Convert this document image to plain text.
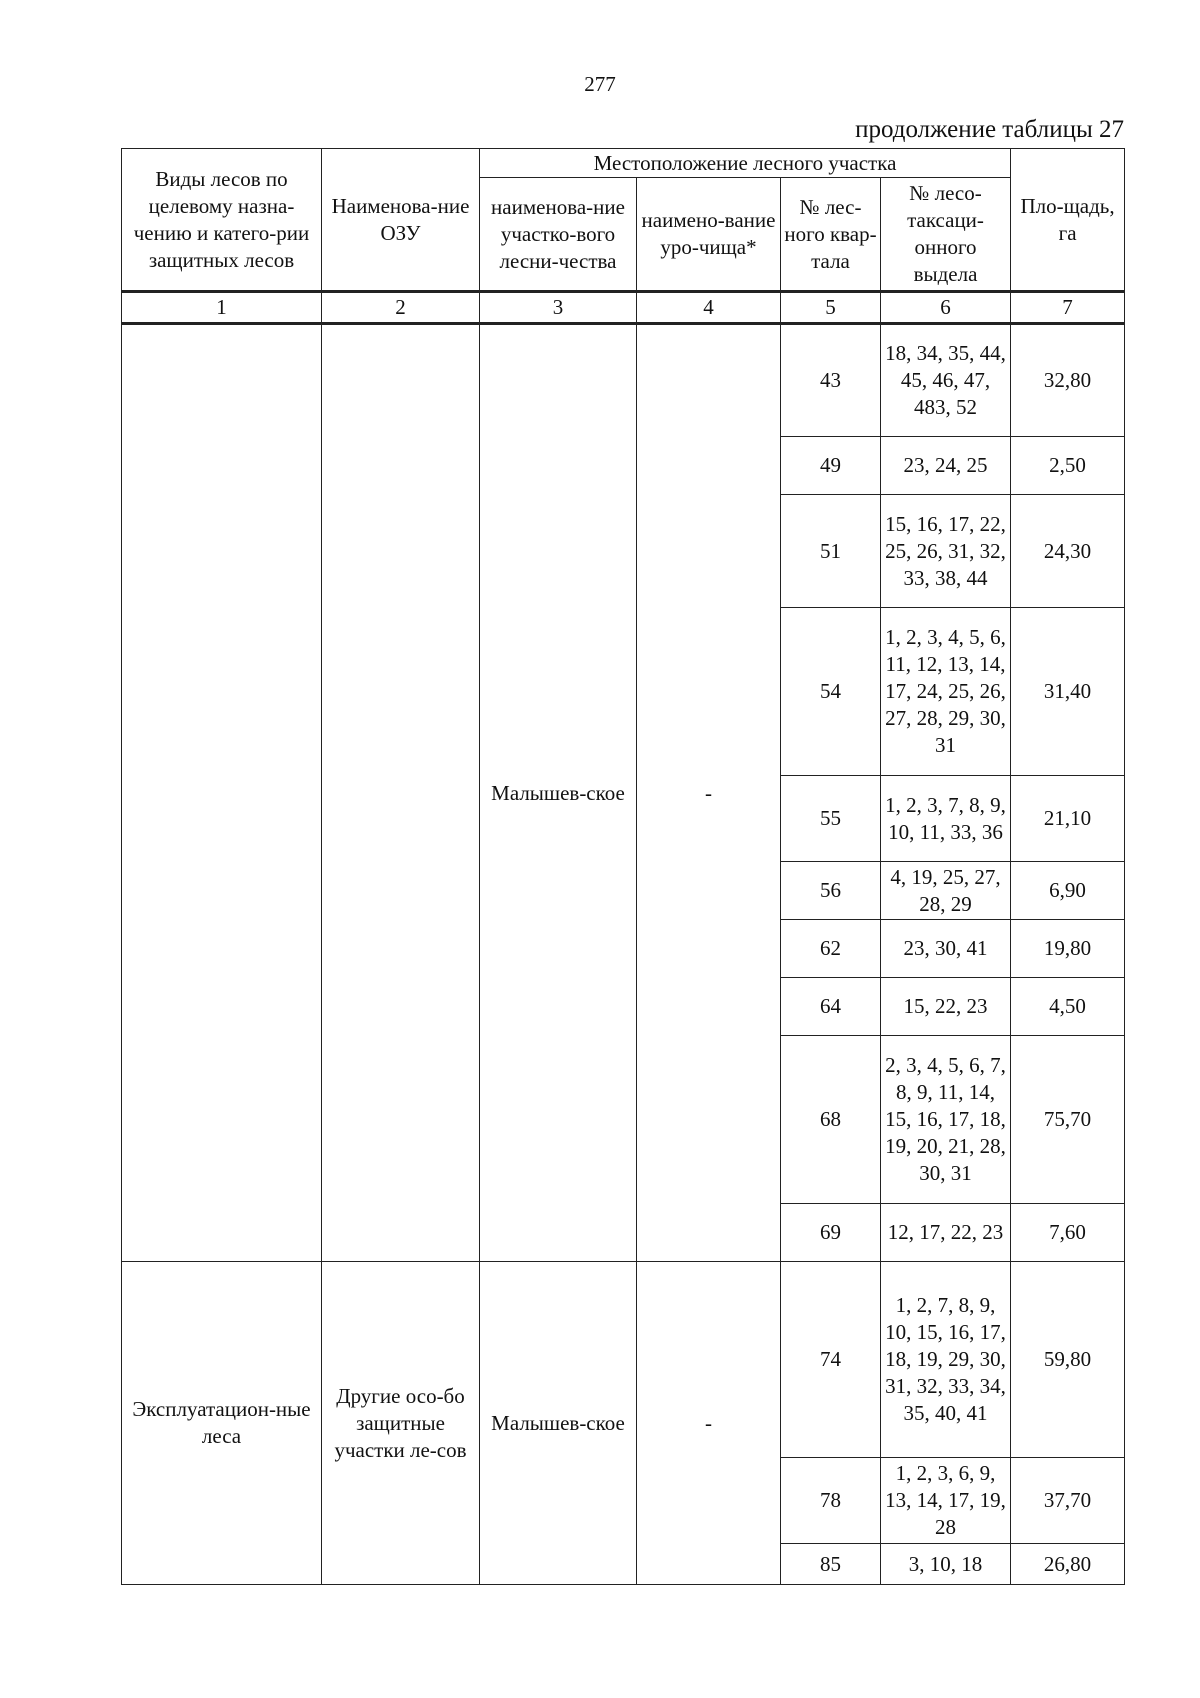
277
продолжение таблицы 27
Виды лесов по целевому назна-чению и катего-рии защитных лесов	Наименова-ние ОЗУ	Местоположение лесного участка				Пло-щадь, га
		наименова-ние участко-вого лесни-чества	наимено-вание уро-чища*	№ лес-ного квар-тала	№ лесо-таксаци-онного выдела	
1	2	3	4	5	6	7
		Малышев-ское	-	43	18, 34, 35, 44, 45, 46, 47, 483, 52	32,80
				49	23, 24, 25	2,50
				51	15, 16, 17, 22, 25, 26, 31, 32, 33, 38, 44	24,30
				54	1, 2, 3, 4, 5, 6, 11, 12, 13, 14, 17, 24, 25, 26, 27, 28, 29, 30, 31	31,40
				55	1, 2, 3, 7, 8, 9, 10, 11, 33, 36	21,10
				56	4, 19, 25, 27, 28, 29	6,90
				62	23, 30, 41	19,80
				64	15, 22, 23	4,50
				68	2, 3, 4, 5, 6, 7, 8, 9, 11, 14, 15, 16, 17, 18, 19, 20, 21, 28, 30, 31	75,70
				69	12, 17, 22, 23	7,60
Эксплуатацион-ные леса	Другие осо-бо защитные участки ле-сов	Малышев-ское	-	74	1, 2, 7, 8, 9, 10, 15, 16, 17, 18, 19, 29, 30, 31, 32, 33, 34, 35, 40, 41	59,80
				78	1, 2, 3, 6, 9, 13, 14, 17, 19, 28	37,70
				85	3, 10, 18	26,80
